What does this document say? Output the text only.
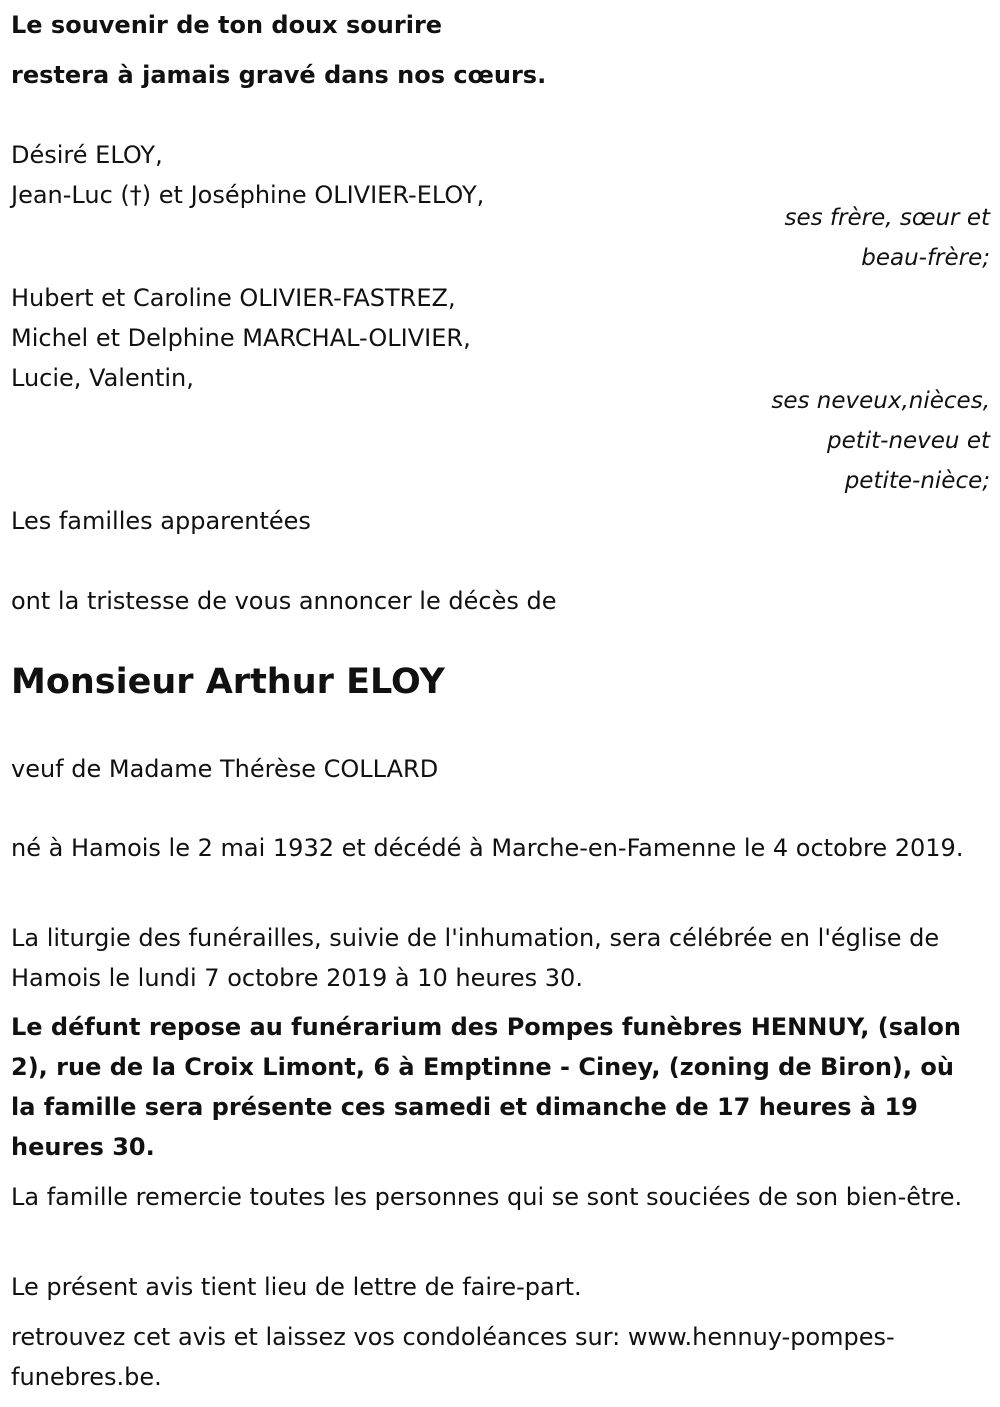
Le souvenir de ton doux sourire
restera à jamais gravé dans nos cœurs.
Désiré ELOY,
Jean-Luc (†) et Joséphine OLIVIER-ELOY,
ses frère, sœur et
beau-frère;
Hubert et Caroline OLIVIER-FASTREZ,
Michel et Delphine MARCHAL-OLIVIER,
Lucie, Valentin,
ses neveux,nièces,
petit-neveu et
petite-nièce;
Les familles apparentées
ont la tristesse de vous annoncer le décès de
Monsieur Arthur ELOY
veuf de Madame Thérèse COLLARD
né à Hamois le 2 mai 1932 et décédé à Marche-en-Famenne le 4 octobre 2019.
La liturgie des funérailles, suivie de l'inhumation, sera célébrée en l'église de Hamois le lundi 7 octobre 2019 à 10 heures 30.
Le défunt repose au funérarium des Pompes funèbres HENNUY, (salon 2), rue de la Croix Limont, 6 à Emptinne - Ciney, (zoning de Biron), où la famille sera présente ces samedi et dimanche de 17 heures à 19 heures 30.
La famille remercie toutes les personnes qui se sont souciées de son bien-être.
Le présent avis tient lieu de lettre de faire-part.
retrouvez cet avis et laissez vos condoléances sur: www.hennuy-pompes-funebres.be.
